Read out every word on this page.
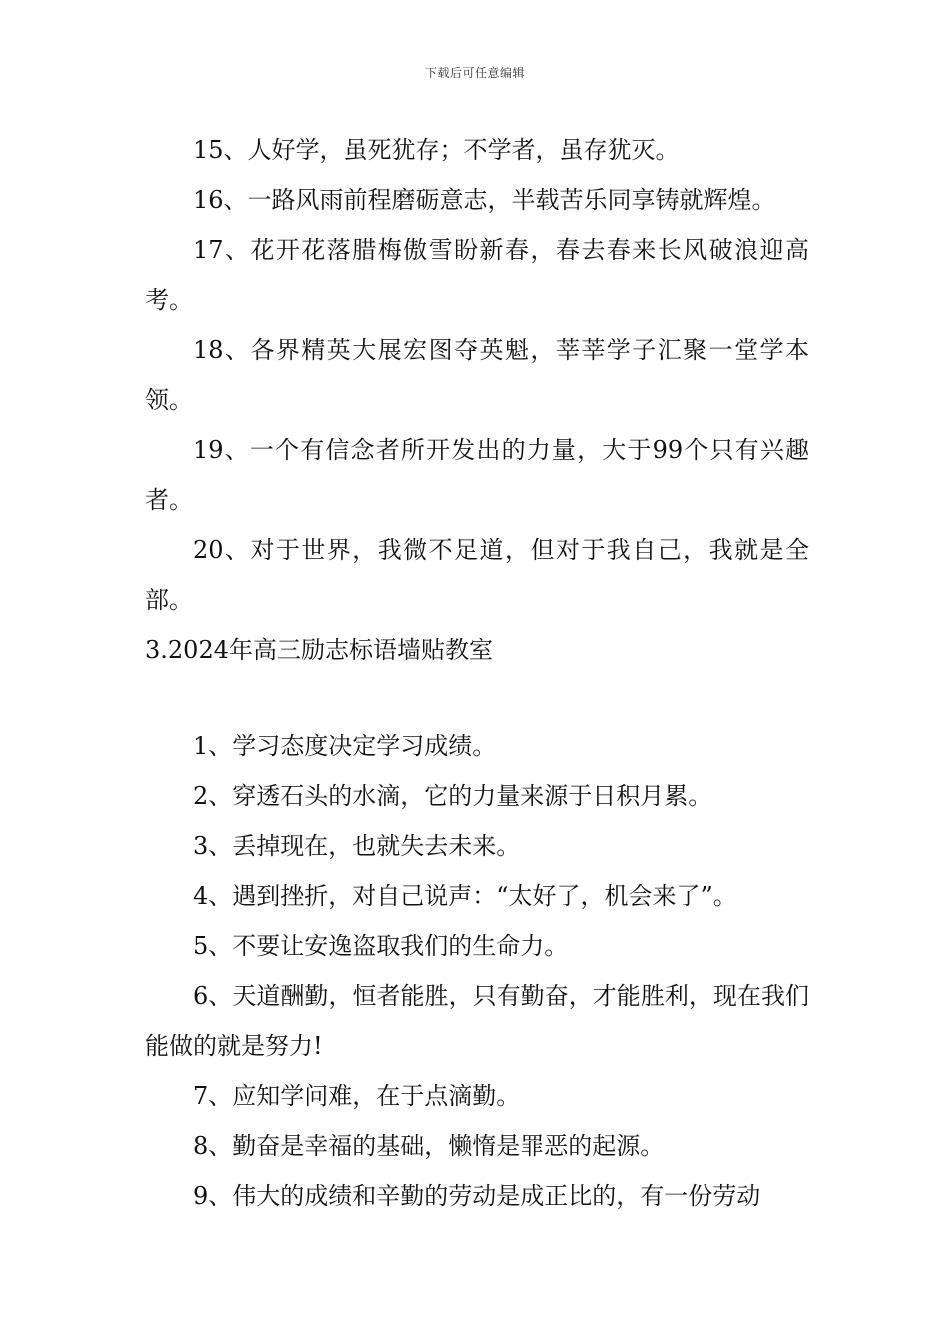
下载后可任意编辑

15、人好学，虽死犹存；不学者，虽存犹灭。

16、一路风雨前程磨砺意志，半载苦乐同享铸就辉煌。

17、花开花落腊梅傲雪盼新春，春去春来长风破浪迎高考。

18、各界精英大展宏图夺英魁，莘莘学子汇聚一堂学本领。

19、一个有信念者所开发出的力量，大于99个只有兴趣者。

20、对于世界，我微不足道，但对于我自己，我就是全部。

3.2024年高三励志标语墙贴教室

1、学习态度决定学习成绩。

2、穿透石头的水滴，它的力量来源于日积月累。

3、丢掉现在，也就失去未来。

4、遇到挫折，对自己说声：“太好了，机会来了”。

5、不要让安逸盗取我们的生命力。

6、天道酬勤，恒者能胜，只有勤奋，才能胜利，现在我们能做的就是努力!

7、应知学问难，在于点滴勤。

8、勤奋是幸福的基础，懒惰是罪恶的起源。

9、伟大的成绩和辛勤的劳动是成正比的，有一份劳动
